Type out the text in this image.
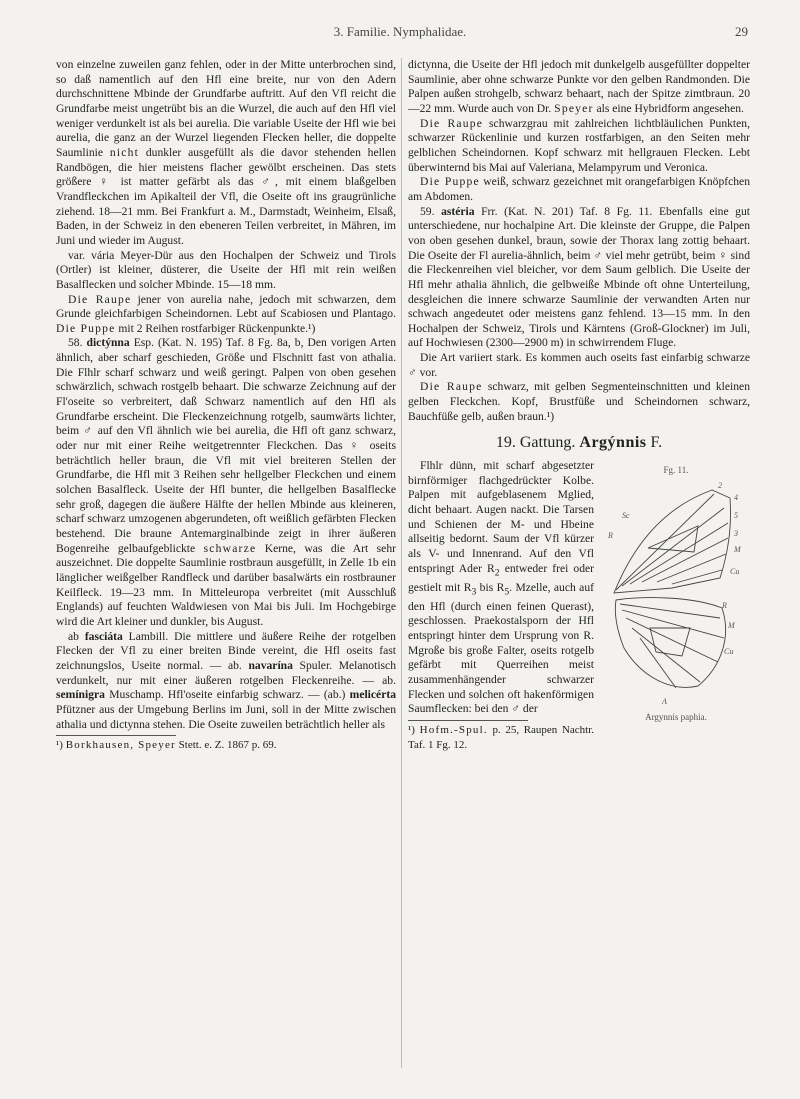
3. Familie. Nymphalidae.	29

von einzelne zuweilen ganz fehlen, oder in der Mitte unterbrochen sind, so daß namentlich auf den Hfl eine breite, nur von den Adern durchschnittene Mbinde der Grundfarbe auftritt. Auf den Vfl reicht die Grundfarbe meist ungetrübt bis an die Wurzel, die auch auf den Hfl viel weniger verdunkelt ist als bei aurelia. Die variable Useite der Hfl wie bei aurelia, die ganz an der Wurzel liegenden Flecken heller, die doppelte Saumlinie nicht dunkler ausgefüllt als die davor stehenden hellen Randbögen, die hier meistens flacher gewölbt erscheinen. Das stets größere ♀ ist matter gefärbt als das ♂, mit einem blaßgelben Vrandfleckchen im Apikalteil der Vfl, die Oseite oft ins graugrünliche ziehend. 18—21 mm. Bei Frankfurt a. M., Darmstadt, Weinheim, Elsaß, Baden, in der Schweiz in den ebeneren Teilen verbreitet, in Mähren, im Juni und wieder im August.

var. vária Meyer-Dür aus den Hochalpen der Schweiz und Tirols (Ortler) ist kleiner, düsterer, die Useite der Hfl mit rein weißen Basalflecken und solcher Mbinde. 15—18 mm.

Die Raupe jener von aurelia nahe, jedoch mit schwarzen, dem Grunde gleichfarbigen Scheindornen. Lebt auf Scabiosen und Plantago. Die Puppe mit 2 Reihen rostfarbiger Rückenpunkte.¹)

58. dictýnna Esp. (Kat. N. 195) Taf. 8 Fg. 8a, b, Den vorigen Arten ähnlich, aber scharf geschieden, Größe und Flschnitt fast von athalia. Die Flhlr scharf schwarz und weiß geringt. Palpen von oben gesehen schwärzlich, schwach rostgelb behaart. Die schwarze Zeichnung auf der Fl'oseite so verbreitert, daß Schwarz namentlich auf den Hfl als Grundfarbe erscheint. Die Fleckenzeichnung rotgelb, saumwärts lichter, beim ♂ auf den Vfl ähnlich wie bei aurelia, die Hfl oft ganz schwarz, oder nur mit einer Reihe weitgetrennter Fleckchen. Das ♀ oseits beträchtlich heller braun, die Vfl mit viel breiteren Stellen der Grundfarbe, die Hfl mit 3 Reihen sehr hellgelber Fleckchen und einem solchen Basalfleck. Useite der Hfl bunter, die hellgelben Basalflecke sehr groß, dagegen die äußere Hälfte der hellen Mbinde aus kleineren, scharf schwarz umzogenen abgerundeten, oft weißlich gefärbten Flecken bestehend. Die braune Antemarginalbinde zeigt in ihrer äußeren Bogenreihe gelbaufgeblickte schwarze Kerne, was die Art sehr auszeichnet. Die doppelte Saumlinie rostbraun ausgefüllt, in Zelle 1b ein länglicher weißgelber Randfleck und darüber basalwärts ein rostbrauner Keilfleck. 19—23 mm. In Mitteleuropa verbreitet (mit Ausschluß Englands) auf feuchten Waldwiesen von Mai bis Juli. Im Hochgebirge wird die Art kleiner und dunkler, bis August.

ab fasciáta Lambill. Die mittlere und äußere Reihe der rotgelben Flecken der Vfl zu einer breiten Binde vereint, die Hfl oseits fast zeichnungslos, Useite normal. — ab. navarína Spuler. Melanotisch verdunkelt, nur mit einer äußeren rotgelben Fleckenreihe. — ab. semínigra Muschamp. Hfl'oseite einfarbig schwarz. — (ab.) melicérta Pfützner aus der Umgebung Berlins im Juni, soll in der Mitte zwischen athalia und dictynna stehen. Die Oseite zuweilen beträchtlich heller als

¹) Borkhausen, Speyer Stett. e. Z. 1867 p. 69.

dictynna, die Useite der Hfl jedoch mit dunkelgelb ausgefüllter doppelter Saumlinie, aber ohne schwarze Punkte vor den gelben Randmonden. Die Palpen außen strohgelb, schwarz behaart, nach der Spitze zimtbraun. 20—22 mm. Wurde auch von Dr. Speyer als eine Hybridform angesehen.

Die Raupe schwarzgrau mit zahlreichen lichtbläulichen Punkten, schwarzer Rückenlinie und kurzen rostfarbigen, an den Seiten mehr gelblichen Scheindornen. Kopf schwarz mit hellgrauen Flecken. Lebt überwinternd bis Mai auf Valeriana, Melampyrum und Veronica.

Die Puppe weiß, schwarz gezeichnet mit orangefarbigen Knöpfchen am Abdomen.

59. astéria Frr. (Kat. N. 201) Taf. 8 Fg. 11. Ebenfalls eine gut unterschiedene, nur hochalpine Art. Die kleinste der Gruppe, die Palpen von oben gesehen dunkel, braun, sowie der Thorax lang zottig behaart. Die Oseite der Fl aurelia-ähnlich, beim ♂ viel mehr getrübt, beim ♀ sind die Fleckenreihen viel bleicher, vor dem Saum gelblich. Die Useite der Hfl mehr athalia ähnlich, die gelbweiße Mbinde oft ohne Unterteilung, desgleichen die innere schwarze Saumlinie der verwandten Arten nur schwach angedeutet oder meistens ganz fehlend. 13—15 mm. In den Hochalpen der Schweiz, Tirols und Kärntens (Groß-Glockner) im Juli, auf Hochwiesen (2300—2900 m) in schwirrendem Fluge.

Die Art variiert stark. Es kommen auch oseits fast einfarbig schwarze ♂ vor.

Die Raupe schwarz, mit gelben Segmenteinschnitten und kleinen gelben Fleckchen. Kopf, Brustfüße und Scheindornen schwarz, Bauchfüße gelb, außen braun.¹)

19. Gattung. Argýnnis F.
Fg. 11.
2
4
5
3
M
Cu
R
M
Cu
A
Sc
R
Argynnis paphia.

Flhlr dünn, mit scharf abgesetzter birnförmiger flachgedrückter Kolbe. Palpen mit aufgeblasenem Mglied, dicht behaart. Augen nackt. Die Tarsen und Schienen der M- und Hbeine allseitig bedornt. Saum der Vfl kürzer als V- und Innenrand. Auf den Vfl entspringt Ader $R_2$ entweder frei oder gestielt mit $R_3$ bis $R_5$. Mzelle, auch auf den Hfl (durch einen feinen Querast), geschlossen. Praekostalsporn der Hfl entspringt hinter dem Ursprung von R. Mgroße bis große Falter, oseits rotgelb gefärbt mit Querreihen meist zusammenhängender schwarzer Flecken und solchen oft hakenförmigen Saumflecken: bei den ♂ der

¹) Hofm.-Spul. p. 25, Raupen Nachtr. Taf. 1 Fg. 12.
